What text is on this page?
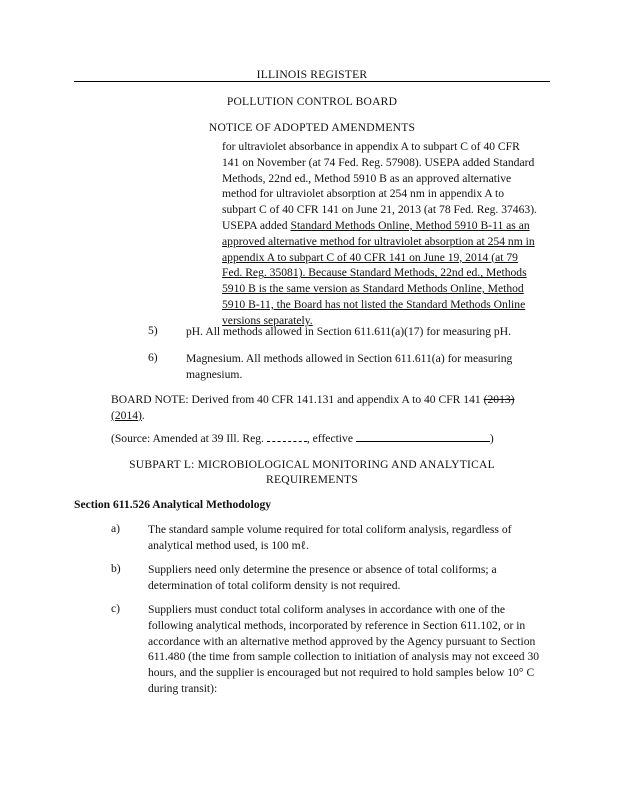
ILLINOIS REGISTER
POLLUTION CONTROL BOARD
NOTICE OF ADOPTED AMENDMENTS
for ultraviolet absorbance in appendix A to subpart C of 40 CFR 141 on November (at 74 Fed. Reg. 57908). USEPA added Standard Methods, 22nd ed., Method 5910 B as an approved alternative method for ultraviolet absorption at 254 nm in appendix A to subpart C of 40 CFR 141 on June 21, 2013 (at 78 Fed. Reg. 37463). USEPA added Standard Methods Online, Method 5910 B-11 as an approved alternative method for ultraviolet absorption at 254 nm in appendix A to subpart C of 40 CFR 141 on June 19, 2014 (at 79 Fed. Reg. 35081). Because Standard Methods, 22nd ed., Methods 5910 B is the same version as Standard Methods Online, Method 5910 B-11, the Board has not listed the Standard Methods Online versions separately.
5) pH. All methods allowed in Section 611.611(a)(17) for measuring pH.
6) Magnesium. All methods allowed in Section 611.611(a) for measuring magnesium.
BOARD NOTE: Derived from 40 CFR 141.131 and appendix A to 40 CFR 141 (2013) (2014).
(Source: Amended at 39 Ill. Reg.	, effective	)
SUBPART L: MICROBIOLOGICAL MONITORING AND ANALYTICAL
REQUIREMENTS
Section 611.526 Analytical Methodology
a) The standard sample volume required for total coliform analysis, regardless of analytical method used, is 100 mℓ.
b) Suppliers need only determine the presence or absence of total coliforms; a determination of total coliform density is not required.
c) Suppliers must conduct total coliform analyses in accordance with one of the following analytical methods, incorporated by reference in Section 611.102, or in accordance with an alternative method approved by the Agency pursuant to Section 611.480 (the time from sample collection to initiation of analysis may not exceed 30 hours, and the supplier is encouraged but not required to hold samples below 10° C during transit):
